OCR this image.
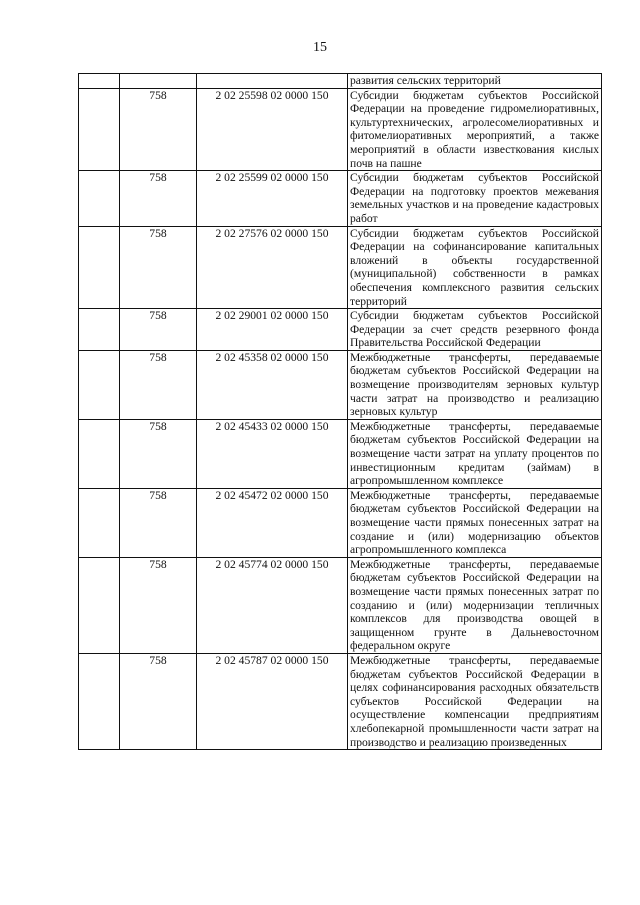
15
			развития сельских территорий
	758	2 02 25598 02 0000 150	Субсидии бюджетам субъектов Российской Федерации на проведение гидромелиоративных, культуртехнических, агролесомелиоративных и фитомелиоративных мероприятий, а также мероприятий в области известкования кислых почв на пашне
	758	2 02 25599 02 0000 150	Субсидии бюджетам субъектов Российской Федерации на подготовку проектов межевания земельных участков и на проведение кадастровых работ
	758	2 02 27576 02 0000 150	Субсидии бюджетам субъектов Российской Федерации на софинансирование капитальных вложений в объекты государственной (муниципальной) собственности в рамках обеспечения комплексного развития сельских территорий
	758	2 02 29001 02 0000 150	Субсидии бюджетам субъектов Российской Федерации за счет средств резервного фонда Правительства Российской Федерации
	758	2 02 45358 02 0000 150	Межбюджетные трансферты, передаваемые бюджетам субъектов Российской Федерации на возмещение производителям зерновых культур части затрат на производство и реализацию зерновых культур
	758	2 02 45433 02 0000 150	Межбюджетные трансферты, передаваемые бюджетам субъектов Российской Федерации на возмещение части затрат на уплату процентов по инвестиционным кредитам (займам) в агропромышленном комплексе
	758	2 02 45472 02 0000 150	Межбюджетные трансферты, передаваемые бюджетам субъектов Российской Федерации на возмещение части прямых понесенных затрат на создание и (или) модернизацию объектов агропромышленного комплекса
	758	2 02 45774 02 0000 150	Межбюджетные трансферты, передаваемые бюджетам субъектов Российской Федерации на возмещение части прямых понесенных затрат по созданию и (или) модернизации тепличных комплексов для производства овощей в защищенном грунте в Дальневосточном федеральном округе
	758	2 02 45787 02 0000 150	Межбюджетные трансферты, передаваемые бюджетам субъектов Российской Федерации в целях софинансирования расходных обязательств субъектов Российской Федерации на осуществление компенсации предприятиям хлебопекарной промышленности части затрат на производство и реализацию произведенных
